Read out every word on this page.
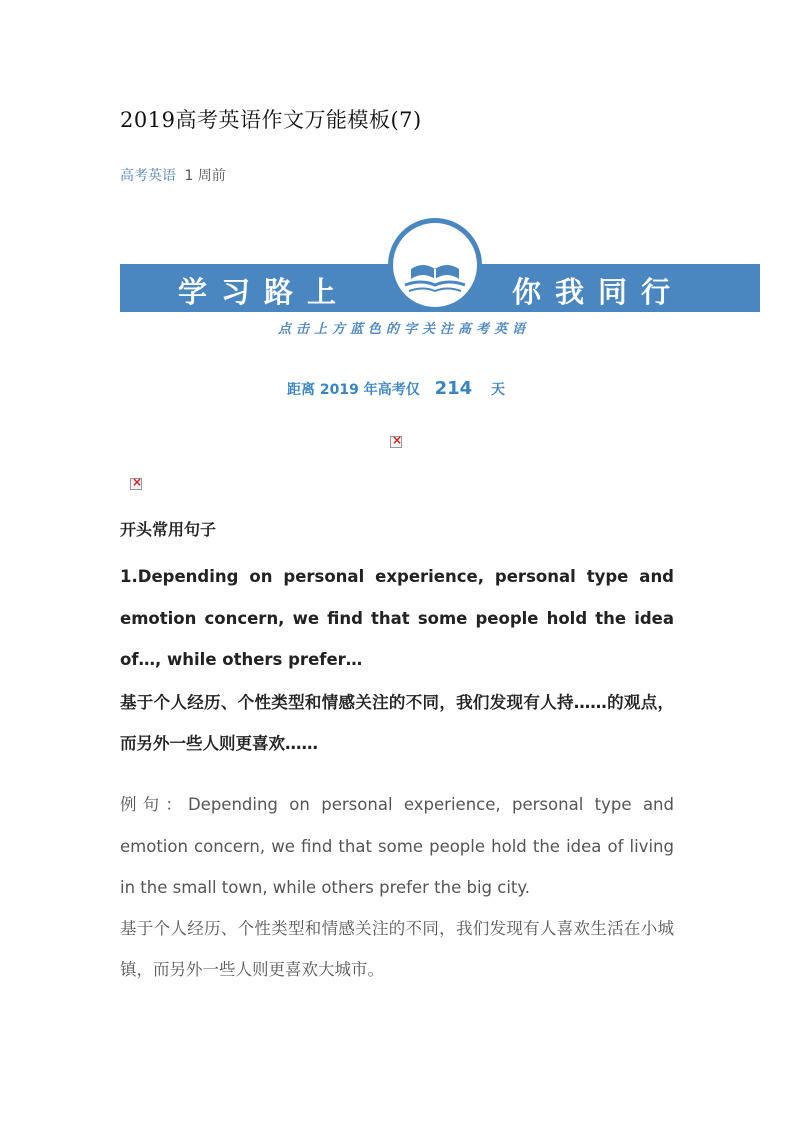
2019高考英语作文万能模板(7)
高考英语 1 周前
学习路上	你我同行
点击上方蓝色的字关注高考英语
距离 2019 年高考仅 214 天
×
×
开头常用句子
1.Depending on personal experience, personal type and emotion concern, we find that some people hold the idea of…, while others prefer…
基于个人经历、个性类型和情感关注的不同，我们发现有人持……的观点，而另外一些人则更喜欢……
例句：Depending on personal experience, personal type and emotion concern, we find that some people hold the idea of living in the small town, while others prefer the big city.
基于个人经历、个性类型和情感关注的不同，我们发现有人喜欢生活在小城镇，而另外一些人则更喜欢大城市。
